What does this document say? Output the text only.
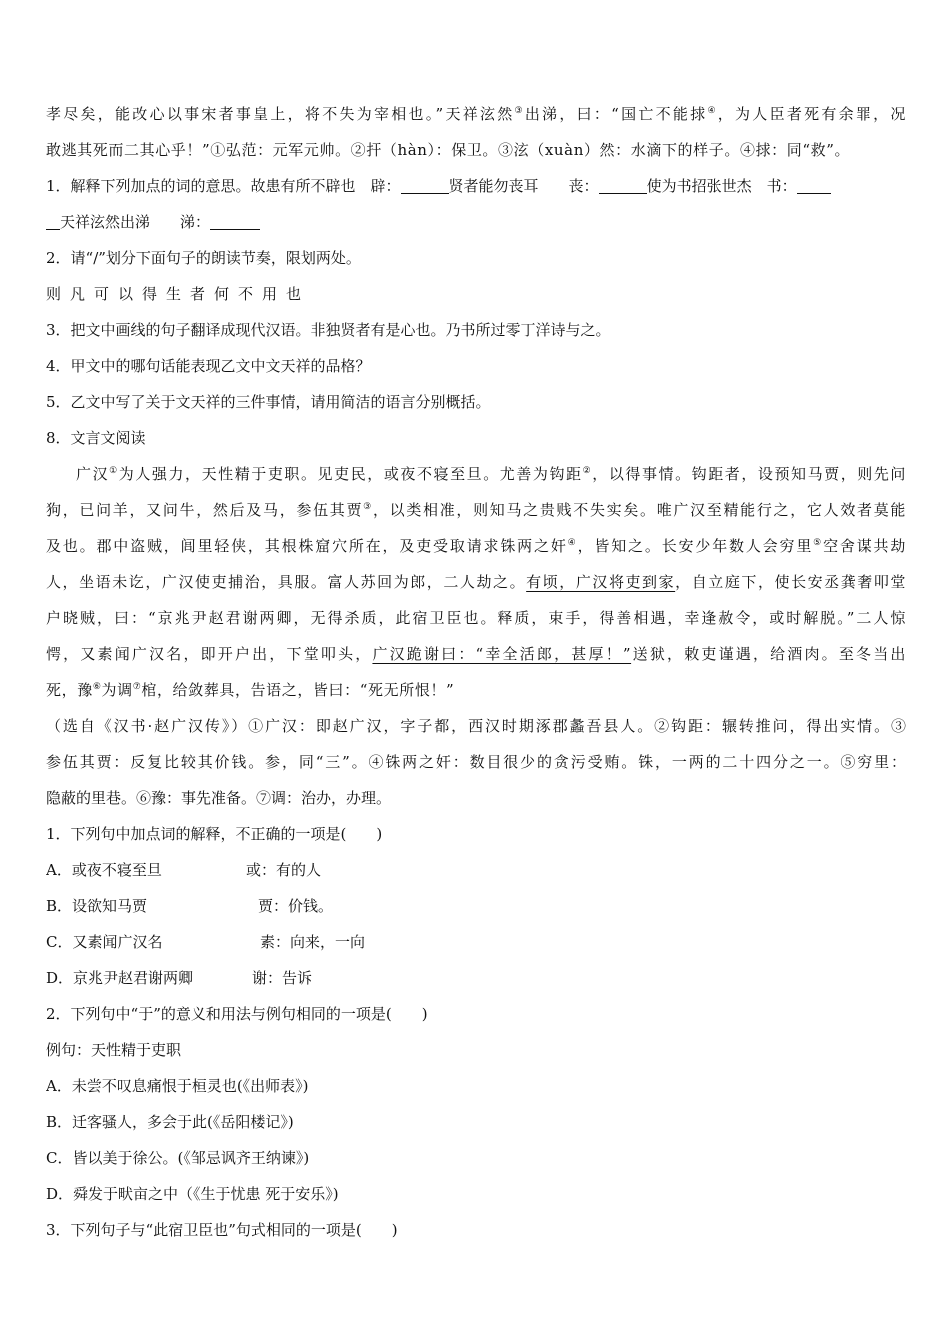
孝尽矣，能改心以事宋者事皇上，将不失为宰相也。”天祥泫然③出涕，曰：“国亡不能捄④，为人臣者死有余罪，况
敢逃其死而二其心乎！”①弘范：元军元帅。②扞（hàn）：保卫。③泫（xuàn）然：水滴下的样子。④捄：同“救”。
1．解释下列加点的词的意思。故患有所不辟也　辟：	贤者能勿丧耳　　丧：	使为书招张世杰　书：
天祥泫然出涕　　涕：
2．请“/”划分下面句子的朗读节奏，限划两处。
则凡可以得生者何不用也
3．把文中画线的句子翻译成现代汉语。非独贤者有是心也。乃书所过零丁洋诗与之。
4．甲文中的哪句话能表现乙文中文天祥的品格？
5．乙文中写了关于文天祥的三件事情，请用简洁的语言分别概括。
8．文言文阅读
广汉①为人强力，天性精于吏职。见吏民，或夜不寝至旦。尤善为钩距②，以得事情。钩距者，设预知马贾，则先问
狗，已问羊，又问牛，然后及马，参伍其贾③，以类相准，则知马之贵贱不失实矣。唯广汉至精能行之，它人效者莫能
及也。郡中盗贼，闾里轻侠，其根株窟穴所在，及吏受取请求铢两之奸④，皆知之。长安少年数人会穷里⑤空舍谋共劫
人，坐语未讫，广汉使吏捕治，具服。富人苏回为郎，二人劫之。有顷，广汉将吏到家，自立庭下，使长安丞龚奢叩堂
户晓贼，曰：“京兆尹赵君谢两卿，无得杀质，此宿卫臣也。释质，束手，得善相遇，幸逢赦令，或时解脱。”二人惊
愕，又素闻广汉名，即开户出，下堂叩头，广汉跪谢曰：“幸全活郎，甚厚！”送狱，敕吏谨遇，给酒肉。至冬当出
死，豫⑥为调⑦棺，给敛葬具，告语之，皆曰：“死无所恨！”
（选自《汉书·赵广汉传》）①广汉：即赵广汉，字子都，西汉时期涿郡蠡吾县人。②钩距：辗转推问，得出实情。③
参伍其贾：反复比较其价钱。参，同“三”。④铢两之奸：数目很少的贪污受贿。铢，一两的二十四分之一。⑤穷里：
隐蔽的里巷。⑥豫：事先准备。⑦调：治办，办理。
1．下列句中加点词的解释，不正确的一项是(　　)
A．或夜不寝至旦	或：有的人
B．设欲知马贾	贾：价钱。
C．又素闻广汉名	素：向来，一向
D．京兆尹赵君谢两卿	谢：告诉
2．下列句中“于”的意义和用法与例句相同的一项是(　　)
例句：天性精于吏职
A．未尝不叹息痛恨于桓灵也(《出师表》)
B．迁客骚人，多会于此(《岳阳楼记》)
C．皆以美于徐公。(《邹忌讽齐王纳谏》)
D．舜发于畎亩之中（《生于忧患 死于安乐》)
3．下列句子与“此宿卫臣也”句式相同的一项是(　　)
